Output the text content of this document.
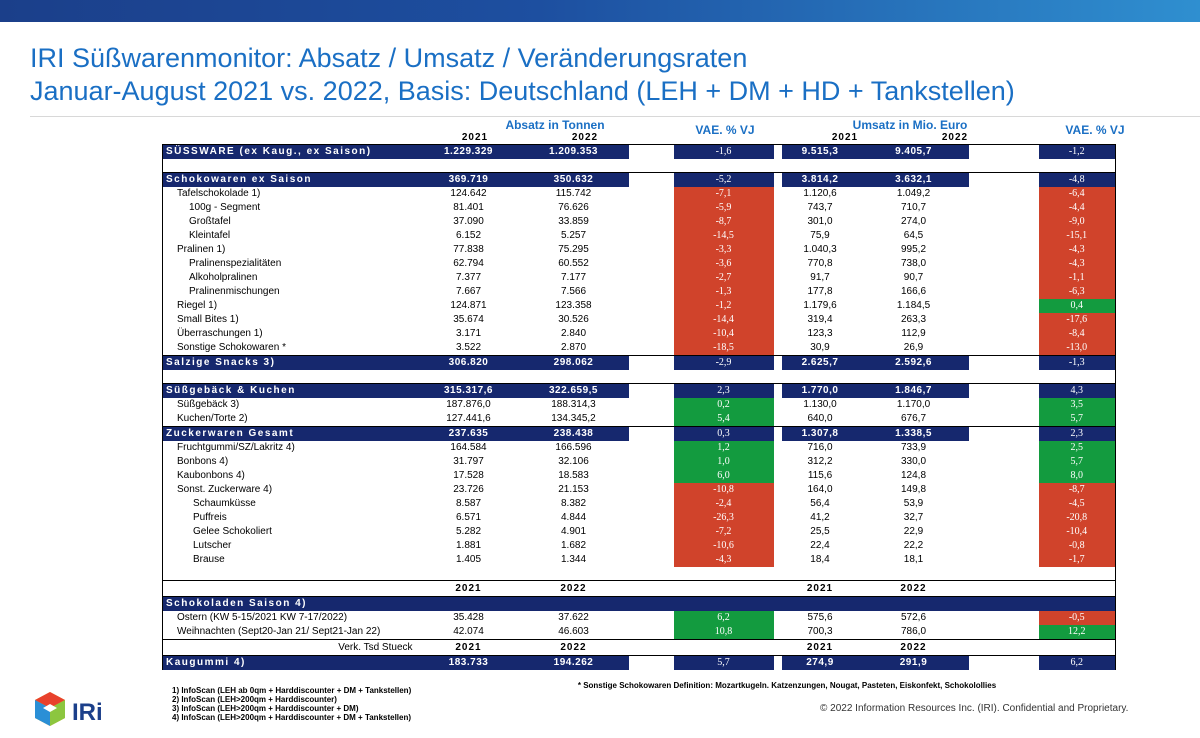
IRI Süßwarenmonitor: Absatz / Umsatz / Veränderungsraten
Januar-August 2021 vs. 2022, Basis: Deutschland (LEH + DM + HD + Tankstellen)
Absatz in Tonnen	VAE. % VJ	Umsatz in Mio. Euro	VAE. % VJ
2021	2022	2021	2022
SÜSSWARE (ex Kaug., ex Saison)	1.229.329	1.209.353		-1,6		9.515,3	9.405,7		-1,2

Schokowaren ex Saison	369.719	350.632		-5,2		3.814,2	3.632,1		-4,8
Tafelschokolade 1)	124.642	115.742		-7,1		1.120,6	1.049,2		-6,4
100g - Segment	81.401	76.626		-5,9		743,7	710,7		-4,4
Großtafel	37.090	33.859		-8,7		301,0	274,0		-9,0
Kleintafel	6.152	5.257		-14,5		75,9	64,5		-15,1
Pralinen 1)	77.838	75.295		-3,3		1.040,3	995,2		-4,3
Pralinenspezialitäten	62.794	60.552		-3,6		770,8	738,0		-4,3
Alkoholpralinen	7.377	7.177		-2,7		91,7	90,7		-1,1
Pralinenmischungen	7.667	7.566		-1,3		177,8	166,6		-6,3
Riegel 1)	124.871	123.358		-1,2		1.179,6	1.184,5		0,4
Small Bites 1)	35.674	30.526		-14,4		319,4	263,3		-17,6
Überraschungen 1)	3.171	2.840		-10,4		123,3	112,9		-8,4
Sonstige Schokowaren *	3.522	2.870		-18,5		30,9	26,9		-13,0
Salzige Snacks 3)	306.820	298.062		-2,9		2.625,7	2.592,6		-1,3

Süßgebäck & Kuchen	315.317,6	322.659,5		2,3		1.770,0	1.846,7		4,3
Süßgebäck 3)	187.876,0	188.314,3		0,2		1.130,0	1.170,0		3,5
Kuchen/Torte 2)	127.441,6	134.345,2		5,4		640,0	676,7		5,7
Zuckerwaren Gesamt	237.635	238.438		0,3		1.307,8	1.338,5		2,3
Fruchtgummi/SZ/Lakritz 4)	164.584	166.596		1,2		716,0	733,9		2,5
Bonbons 4)	31.797	32.106		1,0		312,2	330,0		5,7
Kaubonbons 4)	17.528	18.583		6,0		115,6	124,8		8,0
Sonst. Zuckerware 4)	23.726	21.153		-10,8		164,0	149,8		-8,7
Schaumküsse	8.587	8.382		-2,4		56,4	53,9		-4,5
Puffreis	6.571	4.844		-26,3		41,2	32,7		-20,8
Gelee Schokoliert	5.282	4.901		-7,2		25,5	22,9		-10,4
Lutscher	1.881	1.682		-10,6		22,4	22,2		-0,8
Brause	1.405	1.344		-4,3		18,4	18,1		-1,7

	2021	2022				2021	2022		
Schokoladen Saison 4)									
Ostern (KW 5-15/2021 KW 7-17/2022)	35.428	37.622		6,2		575,6	572,6		-0,5
Weihnachten (Sept20-Jan 21/ Sept21-Jan 22)	42.074	46.603		10,8		700,3	786,0		12,2
Verk. Tsd Stueck	2021	2022				2021	2022		
Kaugummi 4)	183.733	194.262		5,7		274,9	291,9		6,2
1) InfoScan (LEH ab 0qm + Harddiscounter + DM + Tankstellen)
2) InfoScan (LEH>200qm + Harddiscounter)
3) InfoScan (LEH>200qm + Harddiscounter + DM)
4) InfoScan (LEH>200qm + Harddiscounter + DM + Tankstellen)
* Sonstige Schokowaren Definition: Mozartkugeln. Katzenzungen, Nougat, Pasteten, Eiskonfekt, Schokolollies
© 2022 Information Resources Inc. (IRI). Confidential and Proprietary.
IRi
